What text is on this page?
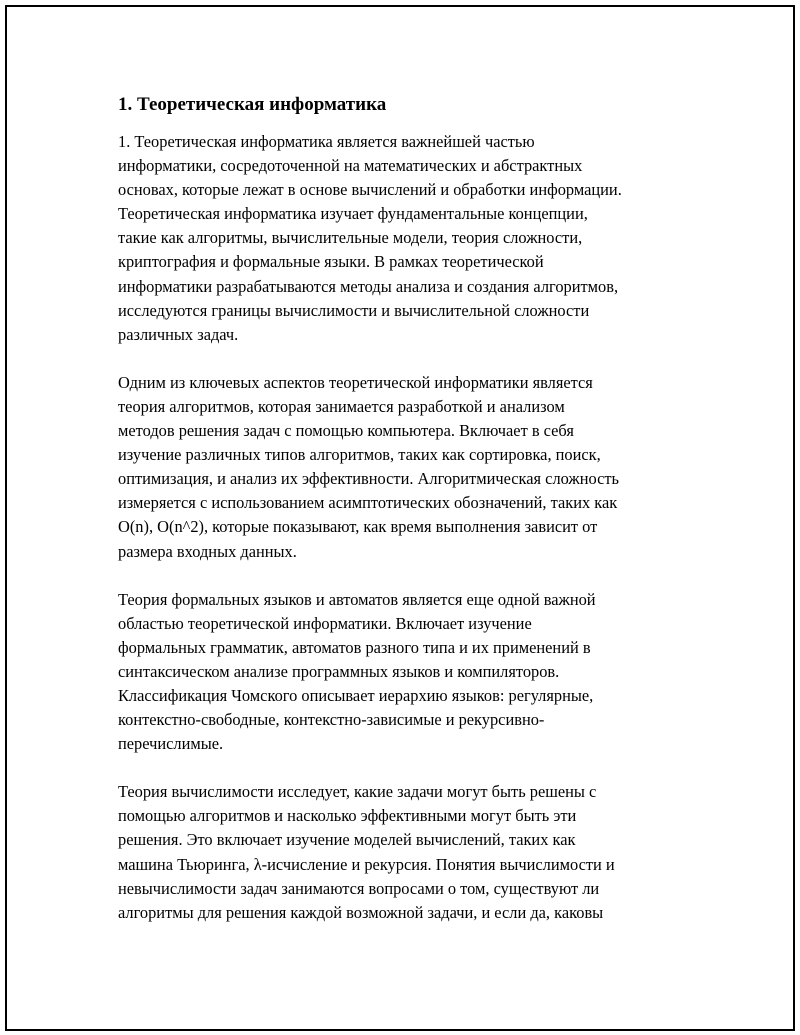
1. Теоретическая информатика

1. Теоретическая информатика является важнейшей частью
информатики, сосредоточенной на математических и абстрактных
основах, которые лежат в основе вычислений и обработки информации.
Теоретическая информатика изучает фундаментальные концепции,
такие как алгоритмы, вычислительные модели, теория сложности,
криптография и формальные языки. В рамках теоретической
информатики разрабатываются методы анализа и создания алгоритмов,
исследуются границы вычислимости и вычислительной сложности
различных задач.

Одним из ключевых аспектов теоретической информатики является
теория алгоритмов, которая занимается разработкой и анализом
методов решения задач с помощью компьютера. Включает в себя
изучение различных типов алгоритмов, таких как сортировка, поиск,
оптимизация, и анализ их эффективности. Алгоритмическая сложность
измеряется с использованием асимптотических обозначений, таких как
O(n), O(n^2), которые показывают, как время выполнения зависит от
размера входных данных.

Теория формальных языков и автоматов является еще одной важной
областью теоретической информатики. Включает изучение
формальных грамматик, автоматов разного типа и их применений в
синтаксическом анализе программных языков и компиляторов.
Классификация Чомского описывает иерархию языков: регулярные,
контекстно-свободные, контекстно-зависимые и рекурсивно-
перечислимые.

Теория вычислимости исследует, какие задачи могут быть решены с
помощью алгоритмов и насколько эффективными могут быть эти
решения. Это включает изучение моделей вычислений, таких как
машина Тьюринга, λ-исчисление и рекурсия. Понятия вычислимости и
невычислимости задач занимаются вопросами о том, существуют ли
алгоритмы для решения каждой возможной задачи, и если да, каковы
